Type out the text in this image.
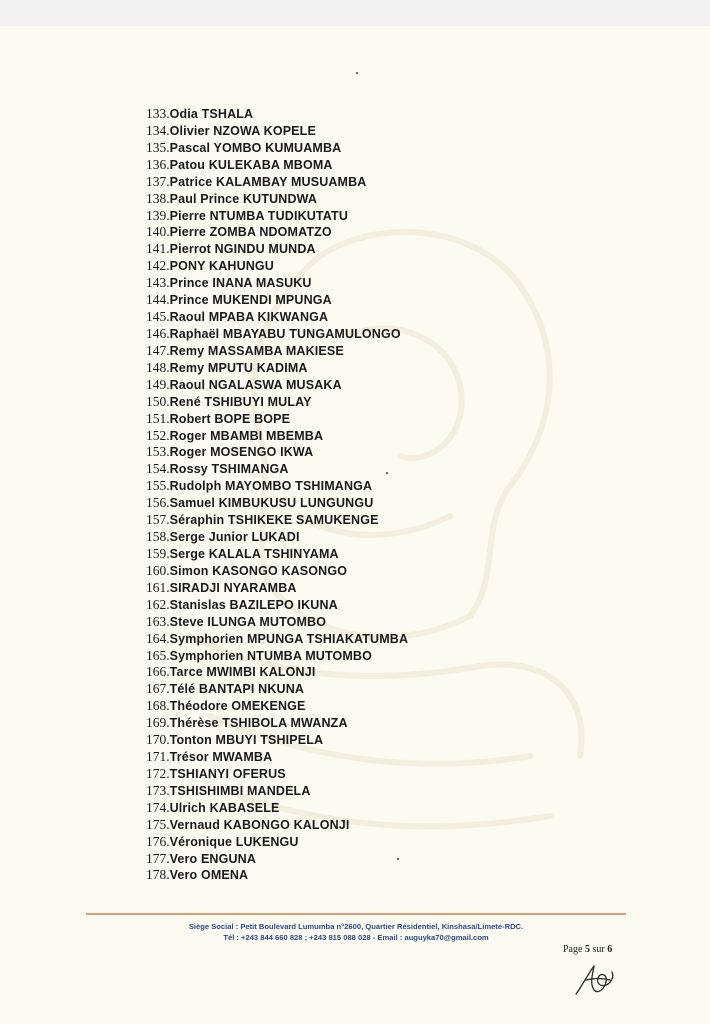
133.Odia TSHALA
134.Olivier NZOWA KOPELE
135.Pascal YOMBO KUMUAMBA
136.Patou KULEKABA MBOMA
137.Patrice KALAMBAY MUSUAMBA
138.Paul Prince KUTUNDWA
139.Pierre NTUMBA TUDIKUTATU
140.Pierre ZOMBA NDOMATZO
141.Pierrot NGINDU MUNDA
142.PONY KAHUNGU
143.Prince INANA MASUKU
144.Prince MUKENDI MPUNGA
145.Raoul MPABA KIKWANGA
146.Raphaël MBAYABU TUNGAMULONGO
147.Remy MASSAMBA MAKIESE
148.Remy MPUTU KADIMA
149.Raoul NGALASWA MUSAKA
150.René TSHIBUYI MULAY
151.Robert BOPE BOPE
152.Roger MBAMBI MBEMBA
153.Roger MOSENGO IKWA
154.Rossy TSHIMANGA
155.Rudolph MAYOMBO TSHIMANGA
156.Samuel KIMBUKUSU LUNGUNGU
157.Séraphin TSHIKEKE SAMUKENGE
158.Serge Junior LUKADI
159.Serge KALALA TSHINYAMA
160.Simon KASONGO KASONGO
161.SIRADJI NYARAMBA
162.Stanislas BAZILEPO IKUNA
163.Steve ILUNGA MUTOMBO
164.Symphorien MPUNGA TSHIAKATUMBA
165.Symphorien NTUMBA MUTOMBO
166.Tarce MWIMBI KALONJI
167.Télé BANTAPI NKUNA
168.Théodore OMEKENGE
169.Thérèse TSHIBOLA MWANZA
170.Tonton MBUYI TSHIPELA
171.Trésor MWAMBA
172.TSHIANYI OFERUS
173.TSHISHIMBI MANDELA
174.Ulrich KABASELE
175.Vernaud KABONGO KALONJI
176.Véronique LUKENGU
177.Vero ENGUNA
178.Vero OMENA
Siège Social : Petit Boulevard Lumumba n°2600, Quartier Résidentiel, Kinshasa/Limete-RDC.
Tél : +243 844 660 828 ; +243 815 088 028 - Email : auguyka70@gmail.com
Page 5 sur 6
